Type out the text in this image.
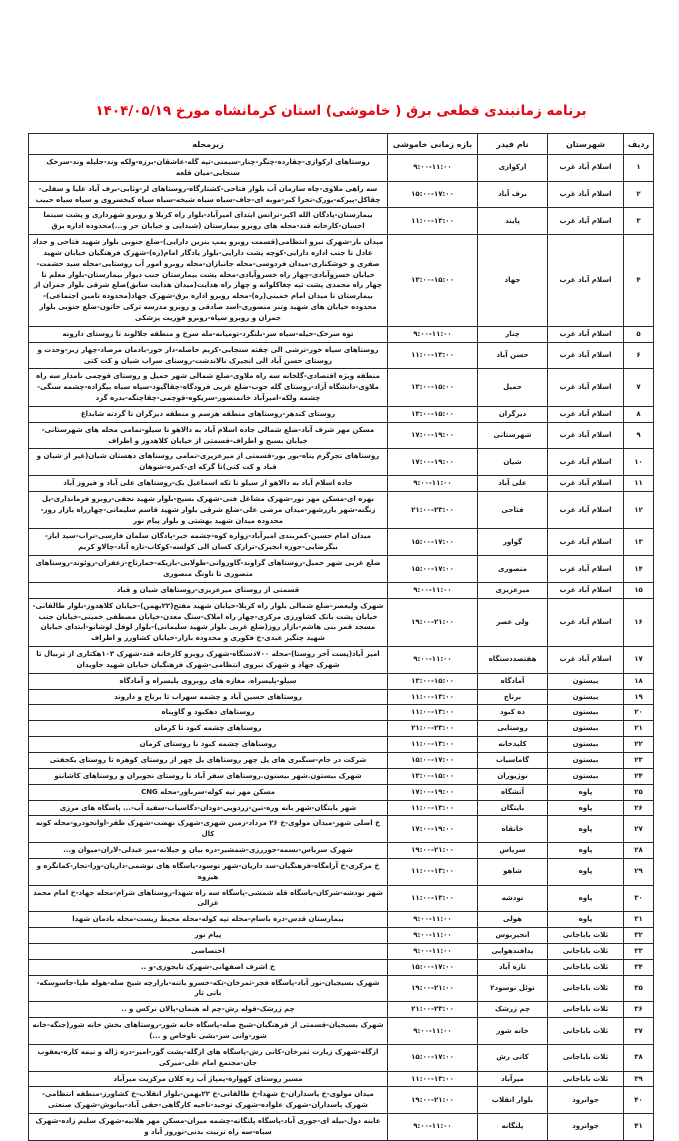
برنامه زمانبندی قطعی برق ( خاموشی) استان کرمانشاه مورخ ۱۴۰۴/۰۵/۱۹
ردیف	شهرستان	نام فیدر	بازه زمانی خاموشی	زیرمحله
۱	اسلام آباد غرب	ارکوازی	۹:۰۰-۱۱:۰۰	روستاهای ارکوازی-چقارده-چنگر-چنار-سیمنی-تپه گله-عاشقان-برزه-ولکه وند-جلیله وند-سرخک سنجابی-میان قلعه
۲	اسلام آباد غرب	برف آباد	۱۵:۰۰-۱۷:۰۰	سه راهی ملاوی-چاه سازمان آب بلوار فتاحی-کشتارگاه-روستاهای لر-وثابی-برف آباد علیا و سفلی-چقاکل-پیرکه-بورک-تجرا کبر-موبه ای-جاف-سیاه سیاه شیخه-سیاه سیاه کیخسروی و سیاه سیاه حبیب
۳	اسلام آباد غرب	پایند	۱۱:۰۰-۱۳:۰۰	بیمارستان-پادگان الله اکبر-ترانس ابتدای امیرآباد-بلوار راه کربلا و روبرو شهرداری و پشت سینما احسان-کارخانه قند-محله های روبرو بیمارستان (شیدایی و خیابان حر و...)محدوده اداره برق
۴	اسلام آباد غرب	جهاد	۱۳:۰۰-۱۵:۰۰	میدان بار-شهرک نیرو انتظامی(قسمت روبرو پمپ بنزین دارایی)-ضلع جنوبی بلوار شهید فتاحی و جداد عادل تا جنب اداره دارایی-کوچه پشت دارایی-بلوار یادگار امام(ره)-شهرک فرهنگیان خیابان شهید صفری و خوشکناری-میدان فردوسی-محله جانبازان-محله روبرو امور آب روستایی-محله سید حشمت-خیابان خسروآبادی-چهار راه خسروآبادی-محله پشت بیمارستان جنب دیوار بیمارستان-بلوار معلم تا چهار راه محمدی پشت تپه چغاکلوانه و چهار راه هدایت(میدان هدایت سابق)ضلع شرقی بلوار جمران از بیمارستان تا میدان امام خمینی(ره)-محله روبرو اداره برق-شهرک جهاد(محدوده تامین اجتماعی)-محدوده خیابان های شهید وتنر منصوری-اسد صادقی و روبرو مدرسه ترکی خاتون-ضلع جنوبی بلوار جمران و روبرو سپاه-روبرو فوریت پزشکی
۵	اسلام آباد غرب	چنار	۹:۰۰-۱۱:۰۰	توه سرخک-خیله-سیاه سر-بلنگرد-تومیانه-مله سرخ و منطقه جلالوند تا روستای دارونه
۶	اسلام آباد غرب	حسن آباد	۱۱:۰۰-۱۳:۰۰	روستاهای سیاه خور-ترشی الی چفته سنجابی-کریم حاصله-دار خور-بادمان مرصاد-چهار زبر-وحدت و روستای حسن آباد الی انجیرک نالاندشت-روستای سراب شیان و کت کتی
۷	اسلام آباد غرب	حمیل	۱۳:۰۰-۱۵:۰۰	منطقه ویژه اقتصادی-گلخانه سه راه ملاوی-ضلع شمالی شهر حمیل و روستای قوچمی نامدار سه راه ملاوی-دانشگاه آزاد-روستای گله جوب-ضلع غربی فرودگاه-چقاگیود-سیاه سیاه بیگزاده-چشمه سنگی-چشمه ولکه-امیرآباد خانمنصور-سریکوه-قوچمی-چقاچنگه-بدره گرد
۸	اسلام آباد غرب	دیزگران	۱۳:۰۰-۱۵:۰۰	روستای کندهر-روستاهای منطقه هرسم و منطقه دیزگران تا گردنه شابداغ
۹	اسلام آباد غرب	شهرستانی	۱۷:۰۰-۱۹:۰۰	مسکن مهر شرف آباد-ضلع شمالی جاده اسلام آباد به دالاهو تا سیلو-تمامی محله های شهرستانی-خیابان بسیج و اطراف-قسمتی از خیابان کلاهدوز و اطراف
۱۰	اسلام آباد غرب	شیان	۱۷:۰۰-۱۹:۰۰	روستاهای تجرگرم پناه-بور بور-قسمتی از میرعزیزی-تمامی روستاهای دهستان شیان(غیر از شیان و قباد و کت کتی)تا گرکه ای-کمره-شوهان
۱۱	اسلام آباد غرب	علی آباد	۹:۰۰-۱۱:۰۰	جاده اسلام آباد به دالاهو از سیلو تا تکه اسماعیل بک-روستاهای علی آباد و فیروز آباد
۱۲	اسلام آباد غرب	فتاحی	۲۱:۰۰-۲۳:۰۰	بهره ای-مسکن مهر نور-شهرک مشاغل فنی-شهرک بسیج-بلوار شهید نجفی-روبرو فرمانداری-پل زنگنه-شهر بازرشهر-میدان مرضی علی-ضلع شرقی بلوار شهید قاسم سلیمانی-چهارراه بازار روز-محدوده میدان شهید بهشتی و بلوار پیام نور
۱۳	اسلام آباد غرب	گواور	۱۵:۰۰-۱۷:۰۰	میدان امام حسین-کمربندی امیرآباد-زواره کوه-چشمه خبر-پادگان سلمان فارسی-تراب-سید ایاز-بیگرضایی-جوزه انجیرک-ترازک کسان الی کولسه-کوکاب-تازه آباد-چالاو کریم
۱۴	اسلام آباد غرب	منصوری	۱۵:۰۰-۱۷:۰۰	ضلع غربی شهر حمیل-روستاهای گراوند-گاوروانی-طولابی-بازیکه-خمارتاج-زعفران-روئوند-روستاهای منصوری تا ناونگ منصوری
۱۵	اسلام آباد غرب	میرعزیزی	۹:۰۰-۱۱:۰۰	قسمتی از روستای میرعزیزی-روستاهای شیان و قباد
۱۶	اسلام آباد غرب	ولی عصر	۱۹:۰۰-۲۱:۰۰	شهرک ولیعصر-ضلع شمالی بلوار راه کربلا-خیابان شهید مفتح(۲۲بهمن)-خیابان کلاهدوز-بلوار طالقانی-خیابان پشت بانک کشاورزی مرکزی-چهار راه املاک-سنگ معدن-خیابان مصطفی خمینی-خیابان جنب مسجد قمر بنی هاشم-بازار روز(ضلع غربی بلوار شهید سلیمانی)-بلوار لوفل لوشانو-ابتدای خیابان شهید چنگیز عبدی-خ فکوری و محدوده بازار-خیابان کشاورز و اطراف
۱۷	اسلام آباد غرب	هفتصددستگاه	۹:۰۰-۱۱:۰۰	امیر آباد(پست آخر روستا)-محله ۷۰۰دستگاه-شهرک روبرو کارخانه قند-شهرک ۱۰۳هکتاری از تربیال تا شهرک جهاد و شهرک نیروی انتظامی-شهرک فرهنگیان خیابان شهید جاویدان
۱۸	بیستون	آمادگاه	۱۳:۰۰-۱۵:۰۰	سیلو-پلیسراه. مغازه های روبروی پلیسراه و آمادگاه
۱۹	بیستون	برناج	۱۱:۰۰-۱۳:۰۰	روستاهای حسین آباد و چشمه سهراب تا برناج و داروند
۲۰	بیستون	ده کبود	۱۱:۰۰-۱۳:۰۰	روستاهای دهکبود و گاوپناه
۲۱	بیستون	روستایی	۲۱:۰۰-۲۳:۰۰	روستاهای چشمه کبود تا کرمان
۲۲	بیستون	کلیدخانه	۱۱:۰۰-۱۳:۰۰	روستاهای چشمه کبود تا روستای کرمان
۲۳	بیستون	گاماسیاب	۱۵:۰۰-۱۷:۰۰	شرکت در جام-سنگبری های پل چهر روستاهای پل چهر از روستای کوهره تا روستای یکجفتی
۲۴	بیستون	نوژیوران	۱۳:۰۰-۱۵:۰۰	شهرک بیستون.شهر بیستون.روستاهای سفر آباد تا روستای نجوبران و روستاهای کاشانتو
۲۵	پاوه	آتشگاه	۱۷:۰۰-۱۹:۰۰	مسکن مهر تپه کوله-سرباور-محله CNG
۲۶	پاوه	بایتگان	۱۱:۰۰-۱۳:۰۰	شهر بایتگان-شهر بانه وره-تین-زردویی-دودان-دگاسیاب-سفید آب-... پاسگاه های مرزی
۲۷	پاوه	خانقاه	۱۷:۰۰-۱۹:۰۰	خ اصلی شهر-میدان مولوی-خ ۲۶ مرداد-زمین شهری-شهرک نهضت-شهرک ظفر-اوانخودرو-محله کونه کال
۲۸	پاوه	سریاس	۱۹:۰۰-۲۱:۰۰	شهرک سریاس-نسمه-جوررزی-شمشیر-دره بیان و جیلانه-میر عبدلی-لاران-میوان و...
۲۹	پاوه	شاهو	۱۱:۰۰-۱۳:۰۰	خ مرکزی-خ آرامگاه-فرهنگیان-سد داریان-شهر نوسود-پاسگاه های نوشمی-داریان-ورا-نجار-کمانگره و هیروه
۳۰	پاوه	نودشه	۱۱:۰۰-۱۳:۰۰	شهر نودشه-شرکان-پاسگاه قله شمشی-پاسگاه سه راه شهدا-روستاهای شرام-محله جهاد-خ امام محمد غزالی
۳۱	پاوه	هولی	۹:۰۰-۱۱:۰۰	بیمارستان قدس-دره باسام-محله تپه کوله-محله محیط زیست-محله یادمان شهدا
۳۲	ثلاث باباجانی	انجیربوس	۹:۰۰-۱۱:۰۰	پیام نور
۳۳	ثلاث باباجانی	پدافندهوایی	۹:۰۰-۱۱:۰۰	اختصاصی
۳۴	ثلاث باباجانی	تازه آباد	۱۵:۰۰-۱۷:۰۰	خ اشرف اصفهانی-شهرک تایجوزی-و ..
۳۵	ثلاث باباجانی	توئل نوسود۲	۱۹:۰۰-۲۱:۰۰	شهرک بسیجیان-نور آباد-پاسگاه فجر-ثمرخان-تکه-خسرو باتنه-بازارچه شیخ صله-هوله طیا-جاسوسکه-بانی تار
۳۶	ثلاث باباجانی	چم زرشک	۲۱:۰۰-۲۳:۰۰	چم زرشک-قوله رش-چم له هنمان-پالان نرکس و ..
۳۷	ثلاث باباجانی	خانه شور	۹:۰۰-۱۱:۰۰	شهرک بسیجیان-قسمتی از فرهنگیان-شیخ صله-پاسگاه خانه شور-روستاهای بخش خانه شور(جنگه-خانه شور-وانی سر-بشی ناوخاص و ...)
۳۸	ثلاث باباجانی	کانی رش	۱۵:۰۰-۱۷:۰۰	ازگله-شهرک زیارت ثمرخان-کانی رش-پاسگاه های ازگله-پشت گور-امیر-دره ژاله و نیمه کاره-یعقوب جان-مجتمع امام علی-میرکی
۳۹	ثلاث باباجانی	میرآباد	۱۱:۰۰-۱۳:۰۰	مسیر روستای کهواره-پمپاژ آب زه کلان مرکزیت میرآباد
۴۰	جوانرود	بلوار انقلاب	۱۹:۰۰-۲۱:۰۰	میدان مولوی-خ پاسداران-خ شهدا-خ طالقانی-خ ۲۲بهمن-بلوار انقلاب-خ کشاورز-منطقه انتظامی-شهرک پاسداران-شهرک علواده-شهرک توحید-ناحیه کارگاهی-حقی آباد-بیانوش-شهرک صنعتی
۴۱	جوانرود	پلنگانه	۹:۰۰-۱۱:۰۰	عابنه دول-بیله ای-جوری آباد-پاسگاه پلنگانه-چشمه میران-مسکن مهر هلانیه-شهرک سلیم زاده-شهرک سیاه-سه راه تربیت بدنی-نوروز آباد و
